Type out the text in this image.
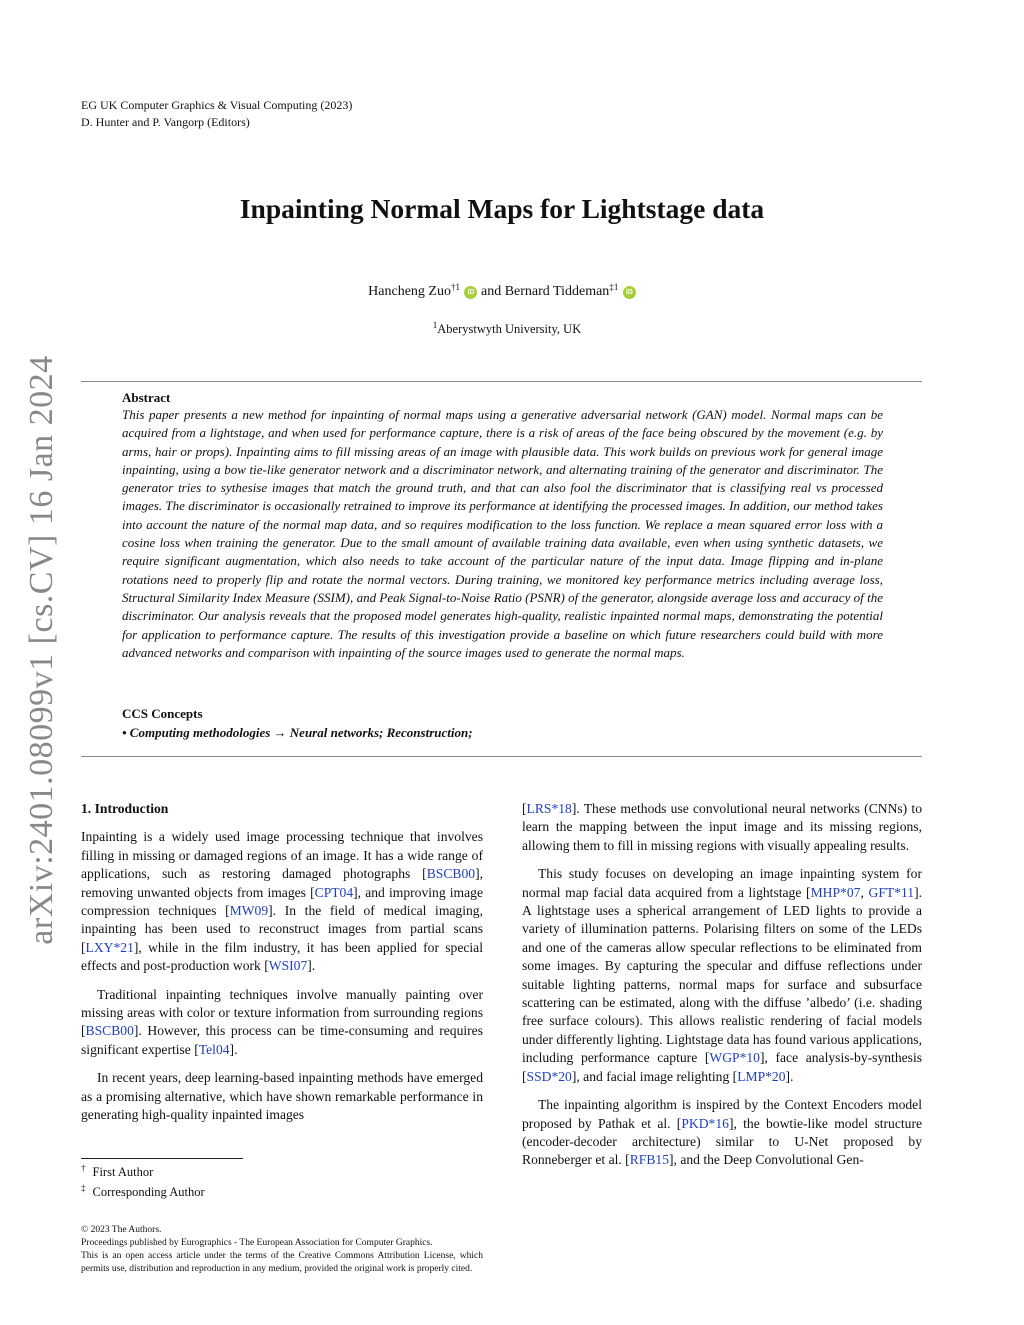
arXiv:2401.08099v1 [cs.CV] 16 Jan 2024
EG UK Computer Graphics & Visual Computing (2023)
D. Hunter and P. Vangorp (Editors)
Inpainting Normal Maps for Lightstage data
Hancheng Zuo$^{\dagger 1}$ iD and Bernard Tiddeman$^{\ddagger 1}$ iD
$^1$Aberystwyth University, UK
Abstract
This paper presents a new method for inpainting of normal maps using a generative adversarial network (GAN) model. Normal maps can be acquired from a lightstage, and when used for performance capture, there is a risk of areas of the face being obscured by the movement (e.g. by arms, hair or props). Inpainting aims to fill missing areas of an image with plausible data. This work builds on previous work for general image inpainting, using a bow tie-like generator network and a discriminator network, and alternating training of the generator and discriminator. The generator tries to sythesise images that match the ground truth, and that can also fool the discriminator that is classifying real vs processed images. The discriminator is occasionally retrained to improve its performance at identifying the processed images. In addition, our method takes into account the nature of the normal map data, and so requires modification to the loss function. We replace a mean squared error loss with a cosine loss when training the generator. Due to the small amount of available training data available, even when using synthetic datasets, we require significant augmentation, which also needs to take account of the particular nature of the input data. Image flipping and in-plane rotations need to properly flip and rotate the normal vectors. During training, we monitored key performance metrics including average loss, Structural Similarity Index Measure (SSIM), and Peak Signal-to-Noise Ratio (PSNR) of the generator, alongside average loss and accuracy of the discriminator. Our analysis reveals that the proposed model generates high-quality, realistic inpainted normal maps, demonstrating the potential for application to performance capture. The results of this investigation provide a baseline on which future researchers could build with more advanced networks and comparison with inpainting of the source images used to generate the normal maps.
CCS Concepts
• Computing methodologies → Neural networks; Reconstruction;
1. Introduction

Inpainting is a widely used image processing technique that involves filling in missing or damaged regions of an image. It has a wide range of applications, such as restoring damaged photographs [BSCB00], removing unwanted objects from images [CPT04], and improving image compression techniques [MW09]. In the field of medical imaging, inpainting has been used to reconstruct images from partial scans [LXY*21], while in the film industry, it has been applied for special effects and post-production work [WSI07].

Traditional inpainting techniques involve manually painting over missing areas with color or texture information from surrounding regions [BSCB00]. However, this process can be time-consuming and requires significant expertise [Tel04].

In recent years, deep learning-based inpainting methods have emerged as a promising alternative, which have shown remarkable performance in generating high-quality inpainted images

[LRS*18]. These methods use convolutional neural networks (CNNs) to learn the mapping between the input image and its missing regions, allowing them to fill in missing regions with visually appealing results.

This study focuses on developing an image inpainting system for normal map facial data acquired from a lightstage [MHP*07, GFT*11]. A lightstage uses a spherical arrangement of LED lights to provide a variety of illumination patterns. Polarising filters on some of the LEDs and one of the cameras allow specular reflections to be eliminated from some images. By capturing the specular and diffuse reflections under suitable lighting patterns, normal maps for surface and subsurface scattering can be estimated, along with the diffuse ’albedo’ (i.e. shading free surface colours). This allows realistic rendering of facial models under differently lighting. Lightstage data has found various applications, including performance capture [WGP*10], face analysis-by-synthesis [SSD*20], and facial image relighting [LMP*20].

The inpainting algorithm is inspired by the Context Encoders model proposed by Pathak et al. [PKD*16], the bowtie-like model structure (encoder-decoder architecture) similar to U-Net proposed by Ronneberger et al. [RFB15], and the Deep Convolutional Gen-

† First Author
‡ Corresponding Author
© 2023 The Authors.
Proceedings published by Eurographics - The European Association for Computer Graphics.
This is an open access article under the terms of the Creative Commons Attribution License, which permits use, distribution and reproduction in any medium, provided the original work is properly cited.
